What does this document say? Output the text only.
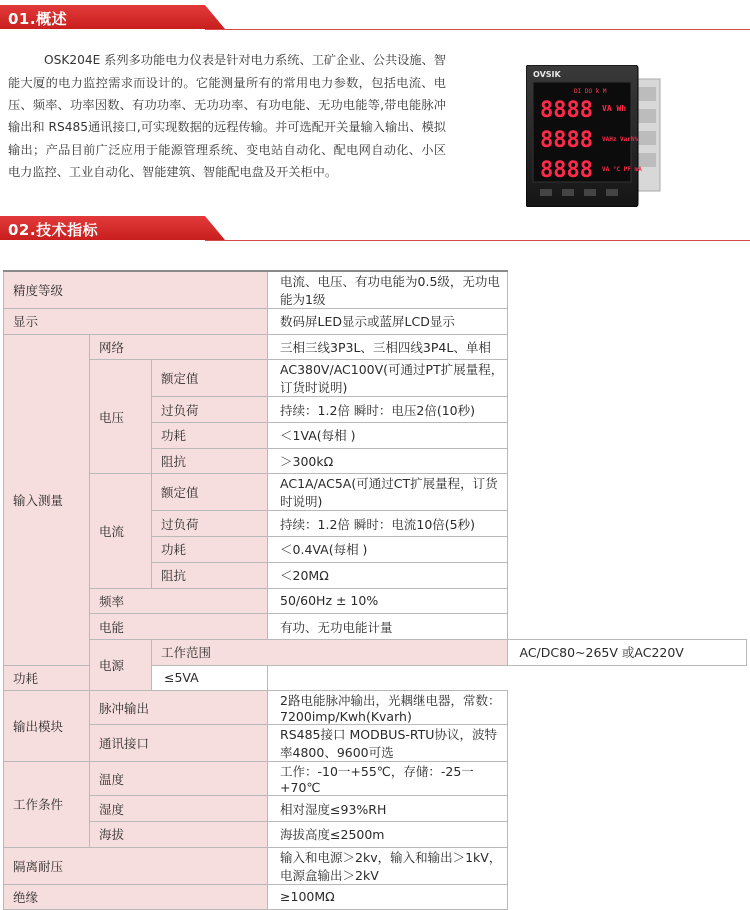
01.概述

OSK204E 系列多功能电力仪表是针对电力系统、工矿企业、公共设施、智能大厦的电力监控需求而设计的。它能测量所有的常用电力参数，包括电流、电压、频率、功率因数、有功功率、无功功率、有功电能、无功电能等,带电能脉冲输出和 RS485通讯接口,可实现数据的远程传输。并可选配开关量输入输出、模拟输出；产品目前广泛应用于能源管理系统、变电站自动化、配电网自动化、小区电力监控、工业自动化、智能建筑、智能配电盘及开关柜中。

OVSIK
DI DO k M
8888
8888
8888
VA Wh
VAHz Varh%
VA °C PF mA
02.技术指标
精度等级			电流、电压、有功电能为0.5级，无功电能为1级	
显示			数码屏LED显示或蓝屏LCD显示	
输入测量	网络		三相三线3P3L、三相四线3P4L、单相	
	电压	额定值	AC380V/AC100V(可通过PT扩展量程，订货时说明)	
		过负荷	持续：1.2倍 瞬时：电压2倍(10秒)	
		功耗	＜1VA(每相 )	
		阻抗	＞300kΩ	
	电流	额定值	AC1A/AC5A(可通过CT扩展量程，订货时说明)	
		过负荷	持续：1.2倍 瞬时：电流10倍(5秒)	
		功耗	＜0.4VA(每相 )	
		阻抗	＜20MΩ	
	频率		50/60Hz ± 10%	
	电能		有功、无功电能计量	
	电源	工作范围		AC/DC80~265V 或AC220V
功耗		≤5VA		
输出模块	脉冲输出		2路电能脉冲输出，光耦继电器，常数：7200imp/Kwh(Kvarh)	
	通讯接口		RS485接口 MODBUS-RTU协议，波特率4800、9600可选	
工作条件	温度		工作：-10一+55℃，存储：-25一+70℃	
	湿度		相对湿度≤93%RH	
	海拔		海拔高度≤2500m	
隔离耐压			输入和电源＞2kv，输入和输出＞1kV，电源盒输出＞2kV	
绝缘			≥100MΩ	
